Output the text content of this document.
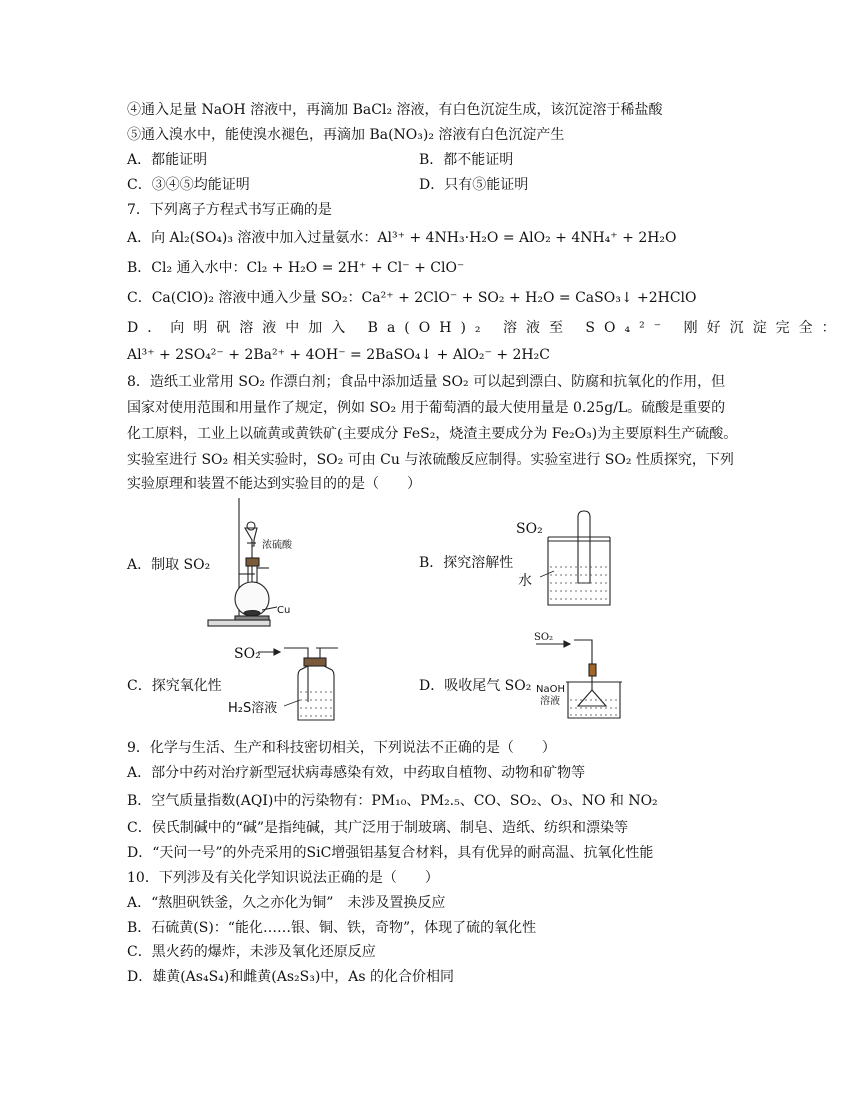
④通入足量 NaOH 溶液中，再滴加 BaCl₂ 溶液，有白色沉淀生成，该沉淀溶于稀盐酸
⑤通入溴水中，能使溴水褪色，再滴加 Ba(NO₃)₂ 溶液有白色沉淀产生
A．都能证明	B．都不能证明
C．③④⑤均能证明	D．只有⑤能证明
7．下列离子方程式书写正确的是
A．向 Al₂(SO₄)₃ 溶液中加入过量氨水：Al³⁺ + 4NH₃·H₂O = AlO₂ + 4NH₄⁺ + 2H₂O
B．Cl₂ 通入水中：Cl₂ + H₂O = 2H⁺ + Cl⁻ + ClO⁻
C．Ca(ClO)₂ 溶液中通入少量 SO₂：Ca²⁺ + 2ClO⁻ + SO₂ + H₂O = CaSO₃↓ +2HClO
D．向明矾溶液中加入 Ba(OH)₂ 溶液至 SO₄²⁻ 刚好沉淀完全：
Al³⁺ + 2SO₄²⁻ + 2Ba²⁺ + 4OH⁻ = 2BaSO₄↓ + AlO₂⁻ + 2H₂C
8．造纸工业常用 SO₂ 作漂白剂；食品中添加适量 SO₂ 可以起到漂白、防腐和抗氧化的作用，但
国家对使用范围和用量作了规定，例如 SO₂ 用于葡萄酒的最大使用量是 0.25g/L。硫酸是重要的
化工原料，工业上以硫黄或黄铁矿(主要成分 FeS₂，烧渣主要成分为 Fe₂O₃)为主要原料生产硫酸。
实验室进行 SO₂ 相关实验时，SO₂ 可由 Cu 与浓硫酸反应制得。实验室进行 SO₂ 性质探究，下列
实验原理和装置不能达到实验目的的是（　　）
A．制取 SO₂	B．探究溶解性
C．探究氧化性	D．吸收尾气 SO₂
浓硫酸
Cu
SO₂
水
SO₂
H₂S溶液
SO₂
NaOH
溶液
9．化学与生活、生产和科技密切相关，下列说法不正确的是（　　）
A．部分中药对治疗新型冠状病毒感染有效，中药取自植物、动物和矿物等
B．空气质量指数(AQI)中的污染物有：PM₁₀、PM₂.₅、CO、SO₂、O₃、NO 和 NO₂
C．侯氏制碱中的“碱”是指纯碱，其广泛用于制玻璃、制皂、造纸、纺织和漂染等
D．“天问一号”的外壳采用的SiC增强铝基复合材料，具有优异的耐高温、抗氧化性能
10．下列涉及有关化学知识说法正确的是（　　）
A．“熬胆矾铁釜，久之亦化为铜”　未涉及置换反应
B．石硫黄(S)：“能化……银、铜、铁，奇物”，体现了硫的氧化性
C．黑火药的爆炸，未涉及氧化还原反应
D．雄黄(As₄S₄)和雌黄(As₂S₃)中，As 的化合价相同
